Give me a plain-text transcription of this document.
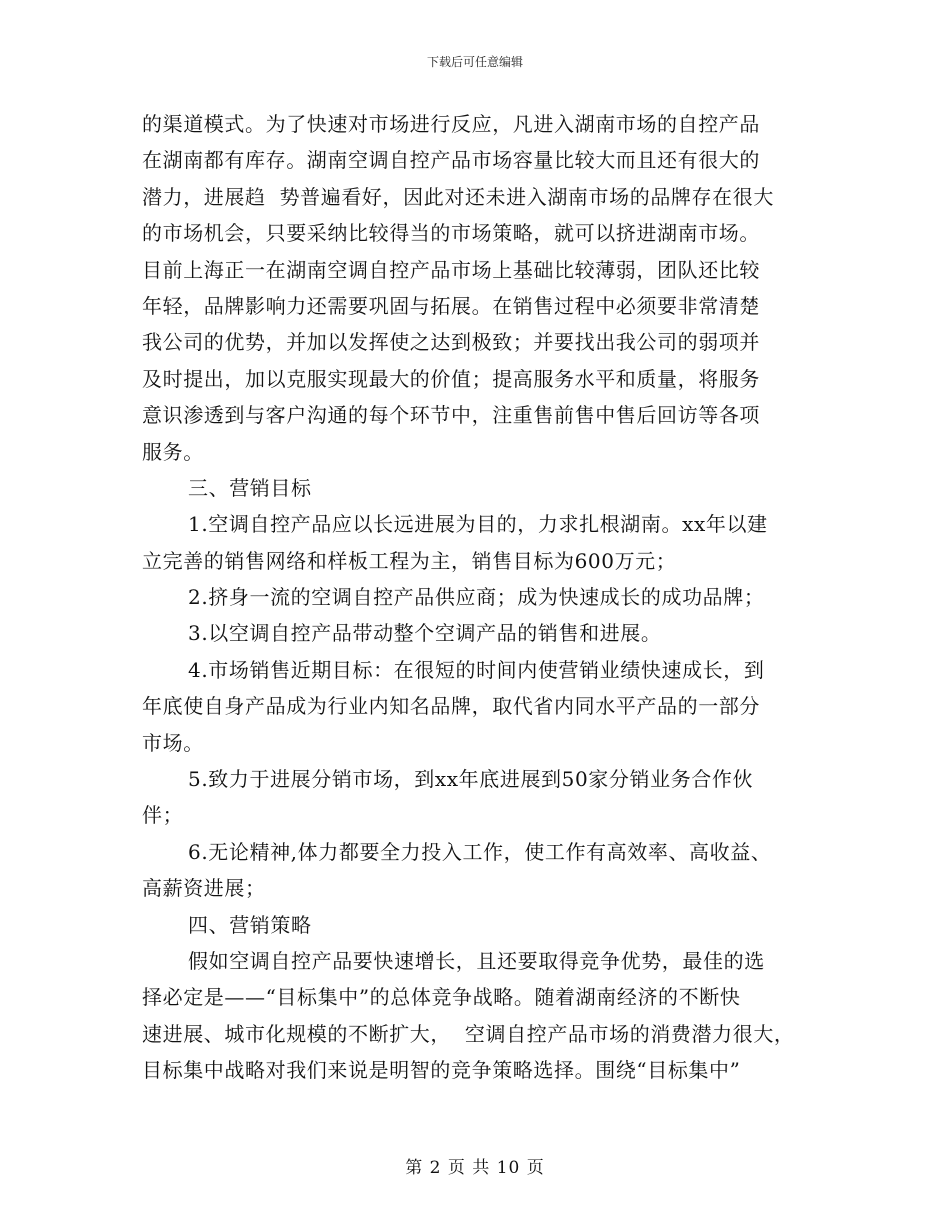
下载后可任意编辑
的渠道模式。为了快速对市场进行反应，凡进入湖南市场的自控产品
在湖南都有库存。湖南空调自控产品市场容量比较大而且还有很大的
潜力，进展趋  势普遍看好，因此对还未进入湖南市场的品牌存在很大
的市场机会，只要采纳比较得当的市场策略，就可以挤进湖南市场。
目前上海正一在湖南空调自控产品市场上基础比较薄弱，团队还比较
年轻，品牌影响力还需要巩固与拓展。在销售过程中必须要非常清楚
我公司的优势，并加以发挥使之达到极致；并要找出我公司的弱项并
及时提出，加以克服实现最大的价值；提高服务水平和质量，将服务
意识渗透到与客户沟通的每个环节中，注重售前售中售后回访等各项
服务。
三、营销目标
1.空调自控产品应以长远进展为目的，力求扎根湖南。xx年以建
立完善的销售网络和样板工程为主，销售目标为600万元；
2.挤身一流的空调自控产品供应商；成为快速成长的成功品牌；
3.以空调自控产品带动整个空调产品的销售和进展。
4.市场销售近期目标：在很短的时间内使营销业绩快速成长，到
年底使自身产品成为行业内知名品牌，取代省内同水平产品的一部分
市场。
5.致力于进展分销市场，到xx年底进展到50家分销业务合作伙
伴；
6.无论精神,体力都要全力投入工作，使工作有高效率、高收益、
高薪资进展；
四、营销策略
假如空调自控产品要快速增长，且还要取得竞争优势，最佳的选
择必定是——“目标集中”的总体竞争战略。随着湖南经济的不断快
速进展、城市化规模的不断扩大，  空调自控产品市场的消费潜力很大，
目标集中战略对我们来说是明智的竞争策略选择。围绕“目标集中”
第 2 页 共 10 页
